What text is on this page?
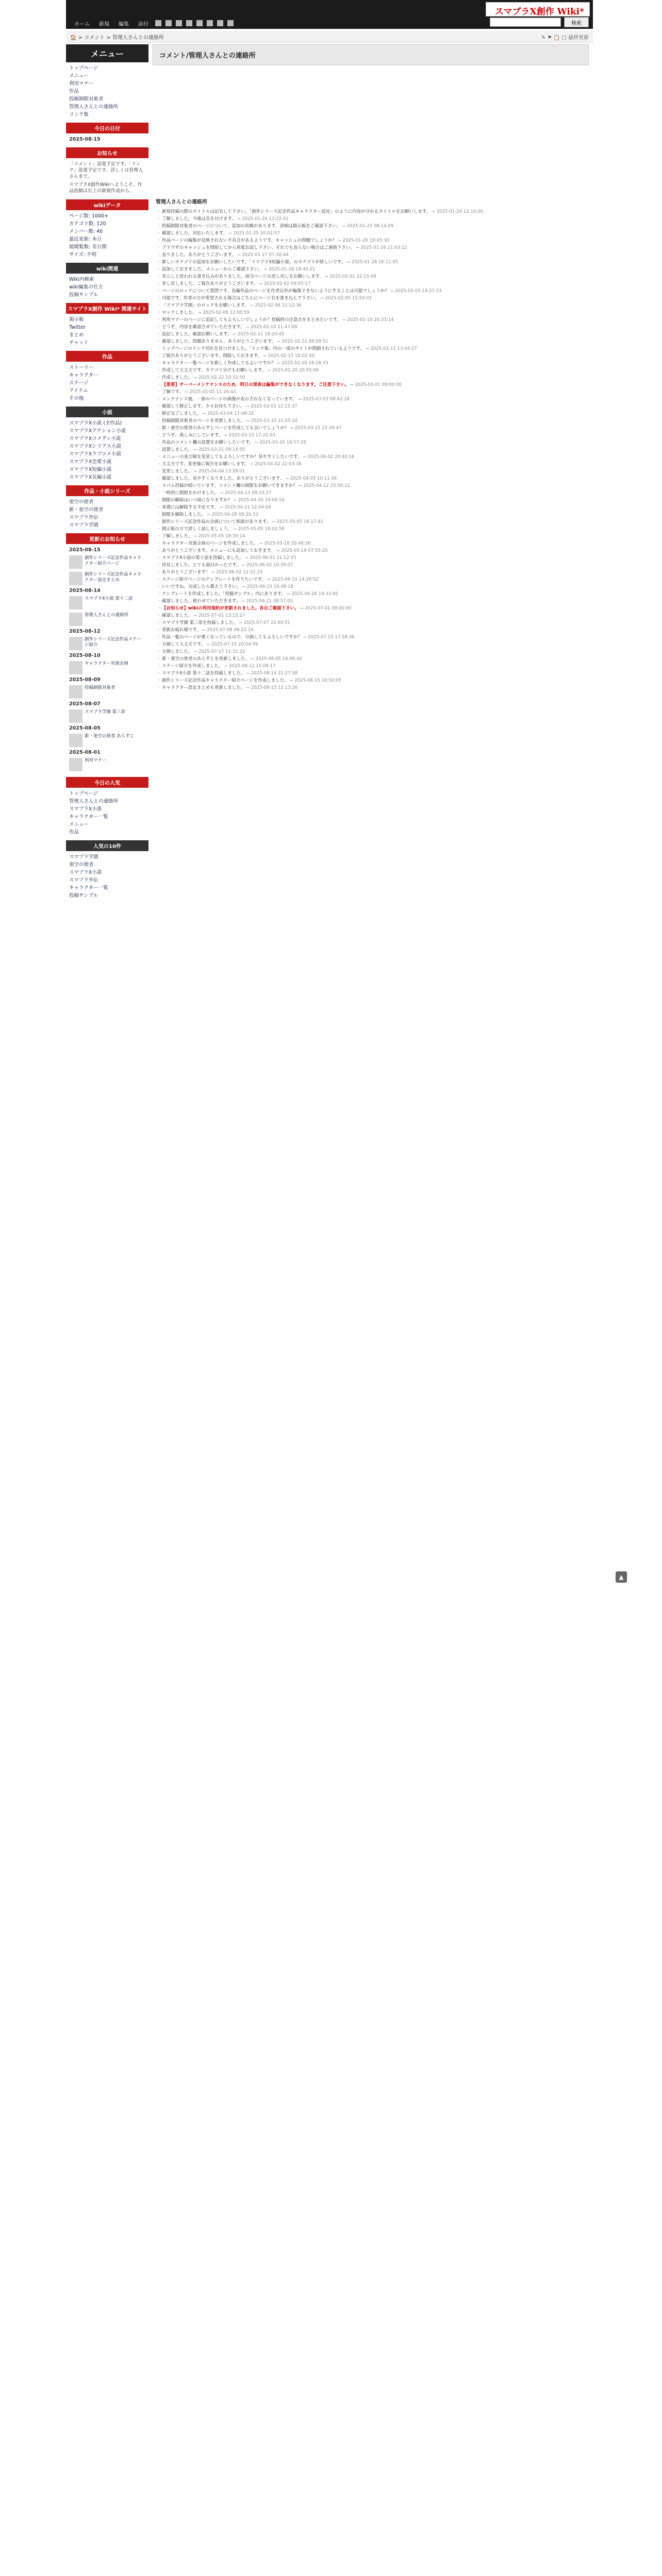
スマブラX創作 Wiki*
検索
ホーム	新規	編集	添付
🏠 > コメント > 管理人さんとの連絡所	✎ ⚑ 📋 ▢ 最終更新
メニュー
トップページ
メニュー
利用マナー
作品
投稿制限対象者
管理人さんとの連絡所
リンク集
今日の日付
2025-08-15
お知らせ
「コメント」設置予定です。「リンク」設置予定です。詳しくは管理人さんまで。
スマブラX創作Wikiへようこそ。作品投稿は右上の新規作成から。
wikiデータ
ページ数: 1000+
カテゴリ数: 120
メンバー数: 40
最近更新: 本日
総閲覧数: 非公開
サイズ: 不明
wiki関連
Wiki内検索
wiki編集の仕方
投稿サンプル
スマブラX創作 Wiki* 関連サイト
掲示板
Twitter
まとめ
チャット
作品
ストーリー
キャラクター
ステージ
アイテム
その他
小説
スマブラX小説 (全作品)
スマブラXアクション小説
スマブラXコメディ小説
スマブラXシリアス小説
スマブラXラブコメ小説
スマブラX恋愛小説
スマブラX短編小説
スマブラX長編小説
作品・小説シリーズ
亜空の使者
新・亜空の使者
スマブラ外伝
スマブラ学園
更新のお知らせ
2025-08-15
創作シリーズ記念作品キャラクター紹介ページ
創作シリーズ記念作品キャラクター設定まとめ
2025-08-14
スマブラX小説 第十二話
管理人さんとの連絡所
2025-08-12
創作シリーズ記念作品ステージ紹介
2025-08-10
キャラクター対談企画
2025-08-09
投稿制限対象者
2025-08-07
スマブラ学園 第三章
2025-08-05
新・亜空の使者 あらすじ
2025-08-01
利用マナー
今日の人気
トップページ
管理人さんとの連絡所
スマブラX小説
キャラクター一覧
メニュー
作品
人気の10件
スマブラ学園
亜空の使者
スマブラX小説
スマブラ外伝
キャラクター一覧
投稿サンプル
コメント/管理人さんとの連絡所
管理人さんとの連絡所
・ 新規投稿の際のタイトルは記名して下さい。「創作シリーズ記念作品キャラクター設定」のように内容が分かるタイトルをお願いします。 -- 2025-01-24 12:10:00
・ 了解しました。今後は気を付けます。 -- 2025-01-24 13:22:41
・ 投稿制限対象者のページについて、追加の依頼があります。詳細は掲示板をご確認下さい。 -- 2025-01-25 08:14:09
・ 確認しました。対応いたします。 -- 2025-01-25 10:02:57
・ 作品ページの編集が反映されない不具合があるようです。キャッシュの問題でしょうか？ -- 2025-01-26 19:45:30
・ ブラウザのキャッシュを削除してから再度お試し下さい。それでも直らない場合はご連絡下さい。 -- 2025-01-26 21:03:12
・ 直りました。ありがとうございます。 -- 2025-01-27 07:30:44
・ 新しいカテゴリの追加をお願いしたいです。「スマブラX短編小説」のカテゴリが欲しいです。 -- 2025-01-28 16:11:05
・ 追加しておきました。メニューからご確認下さい。 -- 2025-01-28 18:40:21
・ 荒らしと思われる書き込みがありました。該当ページの差し戻しをお願いします。 -- 2025-02-01 22:15:48
・ 差し戻しました。ご報告ありがとうございます。 -- 2025-02-02 09:05:17
・ ページのロックについて質問です。長編作品のページを作者以外が編集できないようにすることは可能でしょうか？ -- 2025-02-05 14:27:33
・ 可能です。作者の方が希望される場合はこちらにページ名を書き込んで下さい。 -- 2025-02-05 15:50:02
・ 「スマブラ学園」のロックをお願いします。 -- 2025-02-06 11:12:36
・ ロックしました。 -- 2025-02-06 12:00:59
・ 利用マナーのページに追記してもよろしいでしょうか？投稿時の注意点をまとめたいです。 -- 2025-02-10 20:33:14
・ どうぞ。内容を確認させていただきます。 -- 2025-02-10 21:47:08
・ 追記しました。確認お願いします。 -- 2025-02-11 18:20:45
・ 確認しました。問題ありません。ありがとうございます。 -- 2025-02-12 08:09:51
・ トップページのリンク切れを見つけました。「リンク集」内の一部のサイトが閉鎖されているようです。 -- 2025-02-15 13:44:27
・ ご報告ありがとうございます。削除しておきます。 -- 2025-02-15 16:02:40
・ キャラクター一覧ページを新しく作成してもよいですか？ -- 2025-02-20 19:18:33
・ 作成して大丈夫です。カテゴリ分けもお願いします。 -- 2025-02-20 20:55:06
・ 作成しました。 -- 2025-02-22 10:31:59
・ 【重要】サーバーメンテナンスのため、明日の深夜は編集ができなくなります。ご注意下さい。 -- 2025-03-01 09:00:00
・ 了解です。 -- 2025-03-01 11:26:44
・ メンテナンス後、一部のページの画像が表示されなくなっています。 -- 2025-03-03 08:42:18
・ 確認して修正します。少々お待ち下さい。 -- 2025-03-03 12:15:37
・ 修正完了しました。 -- 2025-03-04 17:48:22
・ 投稿制限対象者のページを更新しました。 -- 2025-03-10 21:05:10
・ 新・亜空の使者のあらすじページを作成しても良いでしょうか？ -- 2025-03-15 15:39:47
・ どうぞ。楽しみにしています。 -- 2025-03-15 17:22:03
・ 作品のコメント欄の設置をお願いしたいです。 -- 2025-03-20 18:57:29
・ 設置しました。 -- 2025-03-21 09:14:55
・ メニューの並び順を変更してもよろしいですか？見やすくしたいです。 -- 2025-04-02 20:40:16
・ 大丈夫です。変更後に報告をお願いします。 -- 2025-04-02 22:03:38
・ 変更しました。 -- 2025-04-04 13:28:01
・ 確認しました。見やすくなりました。ありがとうございます。 -- 2025-04-05 10:11:46
・ スパム投稿が続いています。コメント欄の制限をお願いできますか？ -- 2025-04-12 23:50:12
・ 一時的に制限をかけました。 -- 2025-04-13 08:33:27
・ 制限の解除はいつ頃になりますか？ -- 2025-04-20 19:06:54
・ 来週には解除する予定です。 -- 2025-04-21 12:44:09
・ 制限を解除しました。 -- 2025-04-28 09:20:33
・ 創作シリーズ記念作品の企画について相談があります。 -- 2025-05-05 16:17:41
・ 掲示板の方で詳しく話しましょう。 -- 2025-05-05 18:02:58
・ 了解しました。 -- 2025-05-05 18:30:14
・ キャラクター対談企画のページを作成しました。 -- 2025-05-18 20:48:36
・ ありがとうございます。メニューにも追加しておきます。 -- 2025-05-19 07:55:20
・ スマブラX小説の第十話を投稿しました。 -- 2025-06-01 21:12:45
・ 拝見しました。とても面白かったです。 -- 2025-06-02 10:39:07
・ ありがとうございます！ -- 2025-06-02 12:01:29
・ ステージ紹介ページのテンプレートを作りたいです。 -- 2025-06-15 14:26:52
・ いいですね。完成したら教えて下さい。 -- 2025-06-15 16:48:18
・ テンプレートを作成しました。「投稿サンプル」内にあります。 -- 2025-06-20 19:33:40
・ 確認しました。使わせていただきます。 -- 2025-06-21 08:57:03
・ 【お知らせ】wikiの利用規約が更新されました。各自ご確認下さい。 -- 2025-07-01 09:00:00
・ 確認しました。 -- 2025-07-01 13:15:27
・ スマブラ学園 第三章を投稿しました。 -- 2025-07-07 22:40:51
・ 更新お疲れ様です。 -- 2025-07-08 08:22:14
・ 作品一覧のページが重くなっているので、分割してもよろしいですか？ -- 2025-07-15 17:58:36
・ 分割して大丈夫です。 -- 2025-07-15 20:04:59
・ 分割しました。 -- 2025-07-17 11:31:22
・ 新・亜空の使者のあらすじを更新しました。 -- 2025-08-05 18:46:44
・ ステージ紹介を作成しました。 -- 2025-08-12 15:09:17
・ スマブラX小説 第十二話を投稿しました。 -- 2025-08-14 21:27:38
・ 創作シリーズ記念作品キャラクター紹介ページを作成しました。 -- 2025-08-15 10:50:05
・ キャラクター設定まとめも更新しました。 -- 2025-08-15 12:13:26
▲
